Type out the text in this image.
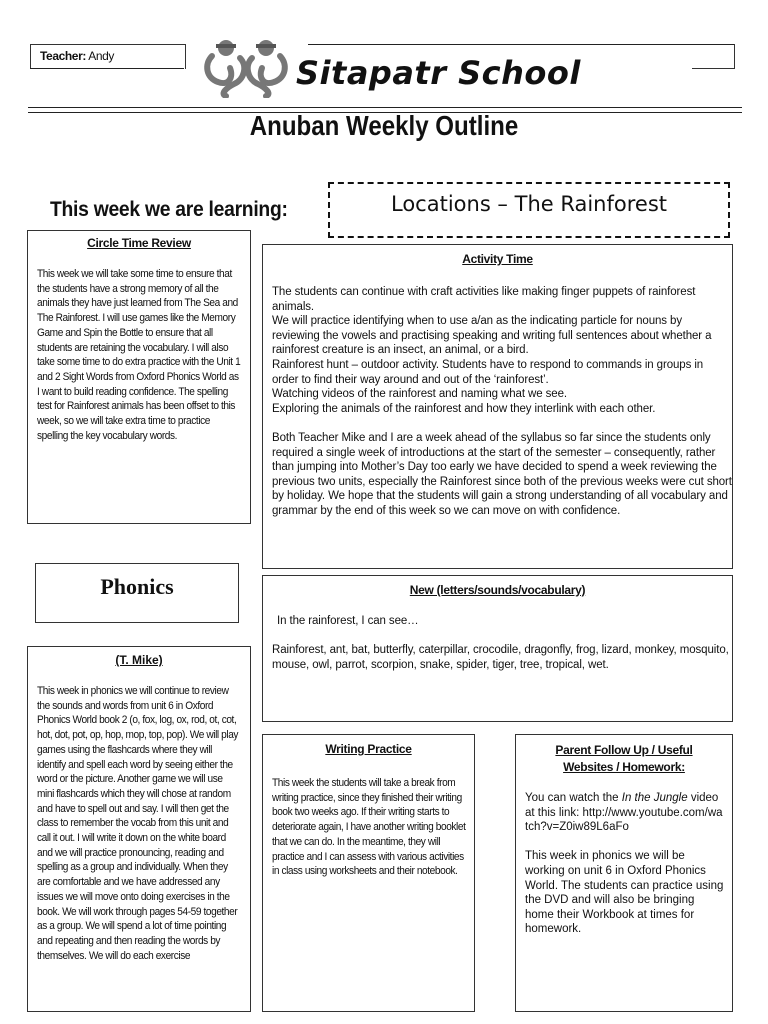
Teacher: Andy	Sitapatr School
Anuban Weekly Outline
This week we are learning:	Locations – The Rainforest
Circle Time Review

This week we will take some time to ensure that the students have a strong memory of all the animals they have just learned from The Sea and The Rainforest. I will use games like the Memory Game and Spin the Bottle to ensure that all students are retaining the vocabulary. I will also take some time to do extra practice with the Unit 1 and 2 Sight Words from Oxford Phonics World as I want to build reading confidence. The spelling test for Rainforest animals has been offset to this week, so we will take extra time to practice spelling the key vocabulary words.

Activity Time

The students can continue with craft activities like making finger puppets of rainforest animals.

We will practice identifying when to use a/an as the indicating particle for nouns by reviewing the vowels and practising speaking and writing full sentences about whether a rainforest creature is an insect, an animal, or a bird.

Rainforest hunt – outdoor activity. Students have to respond to commands in groups in order to find their way around and out of the ‘rainforest’.

Watching videos of the rainforest and naming what we see.

Exploring the animals of the rainforest and how they interlink with each other.

Both Teacher Mike and I are a week ahead of the syllabus so far since the students only required a single week of introductions at the start of the semester – consequently, rather than jumping into Mother’s Day too early we have decided to spend a week reviewing the previous two units, especially the Rainforest since both of the previous weeks were cut short by holiday. We hope that the students will gain a strong understanding of all vocabulary and grammar by the end of this week so we can move on with confidence.

Phonics
(T. Mike)

This week in phonics we will continue to review the sounds and words from unit 6 in Oxford Phonics World book 2 (o, fox, log, ox, rod, ot, cot, hot, dot, pot, op, hop, mop, top, pop). We will play games using the flashcards where they will identify and spell each word by seeing either the word or the picture. Another game we will use mini flashcards which they will chose at random and have to spell out and say. I will then get the class to remember the vocab from this unit and call it out. I will write it down on the white board and we will practice pronouncing, reading and spelling as a group and individually. When they are comfortable and we have addressed any issues we will move onto doing exercises in the book. We will work through pages 54-59 together as a group. We will spend a lot of time pointing and repeating and then reading the words by themselves. We will do each exercise

New (letters/sounds/vocabulary)

In the rainforest, I can see…

Rainforest, ant, bat, butterfly, caterpillar, crocodile, dragonfly, frog, lizard, monkey, mosquito, mouse, owl, parrot, scorpion, snake, spider, tiger, tree, tropical, wet.

Writing Practice

This week the students will take a break from writing practice, since they finished their writing book two weeks ago. If their writing starts to deteriorate again, I have another writing booklet that we can do. In the meantime, they will practice and I can assess with various activities in class using worksheets and their notebook.

Parent Follow Up / Useful
Websites / Homework:

You can watch the In the Jungle video at this link: http://www.youtube.com/watch?v=Z0iw89L6aFo

This week in phonics we will be working on unit 6 in Oxford Phonics World. The students can practice using the DVD and will also be bringing home their Workbook at times for homework.
